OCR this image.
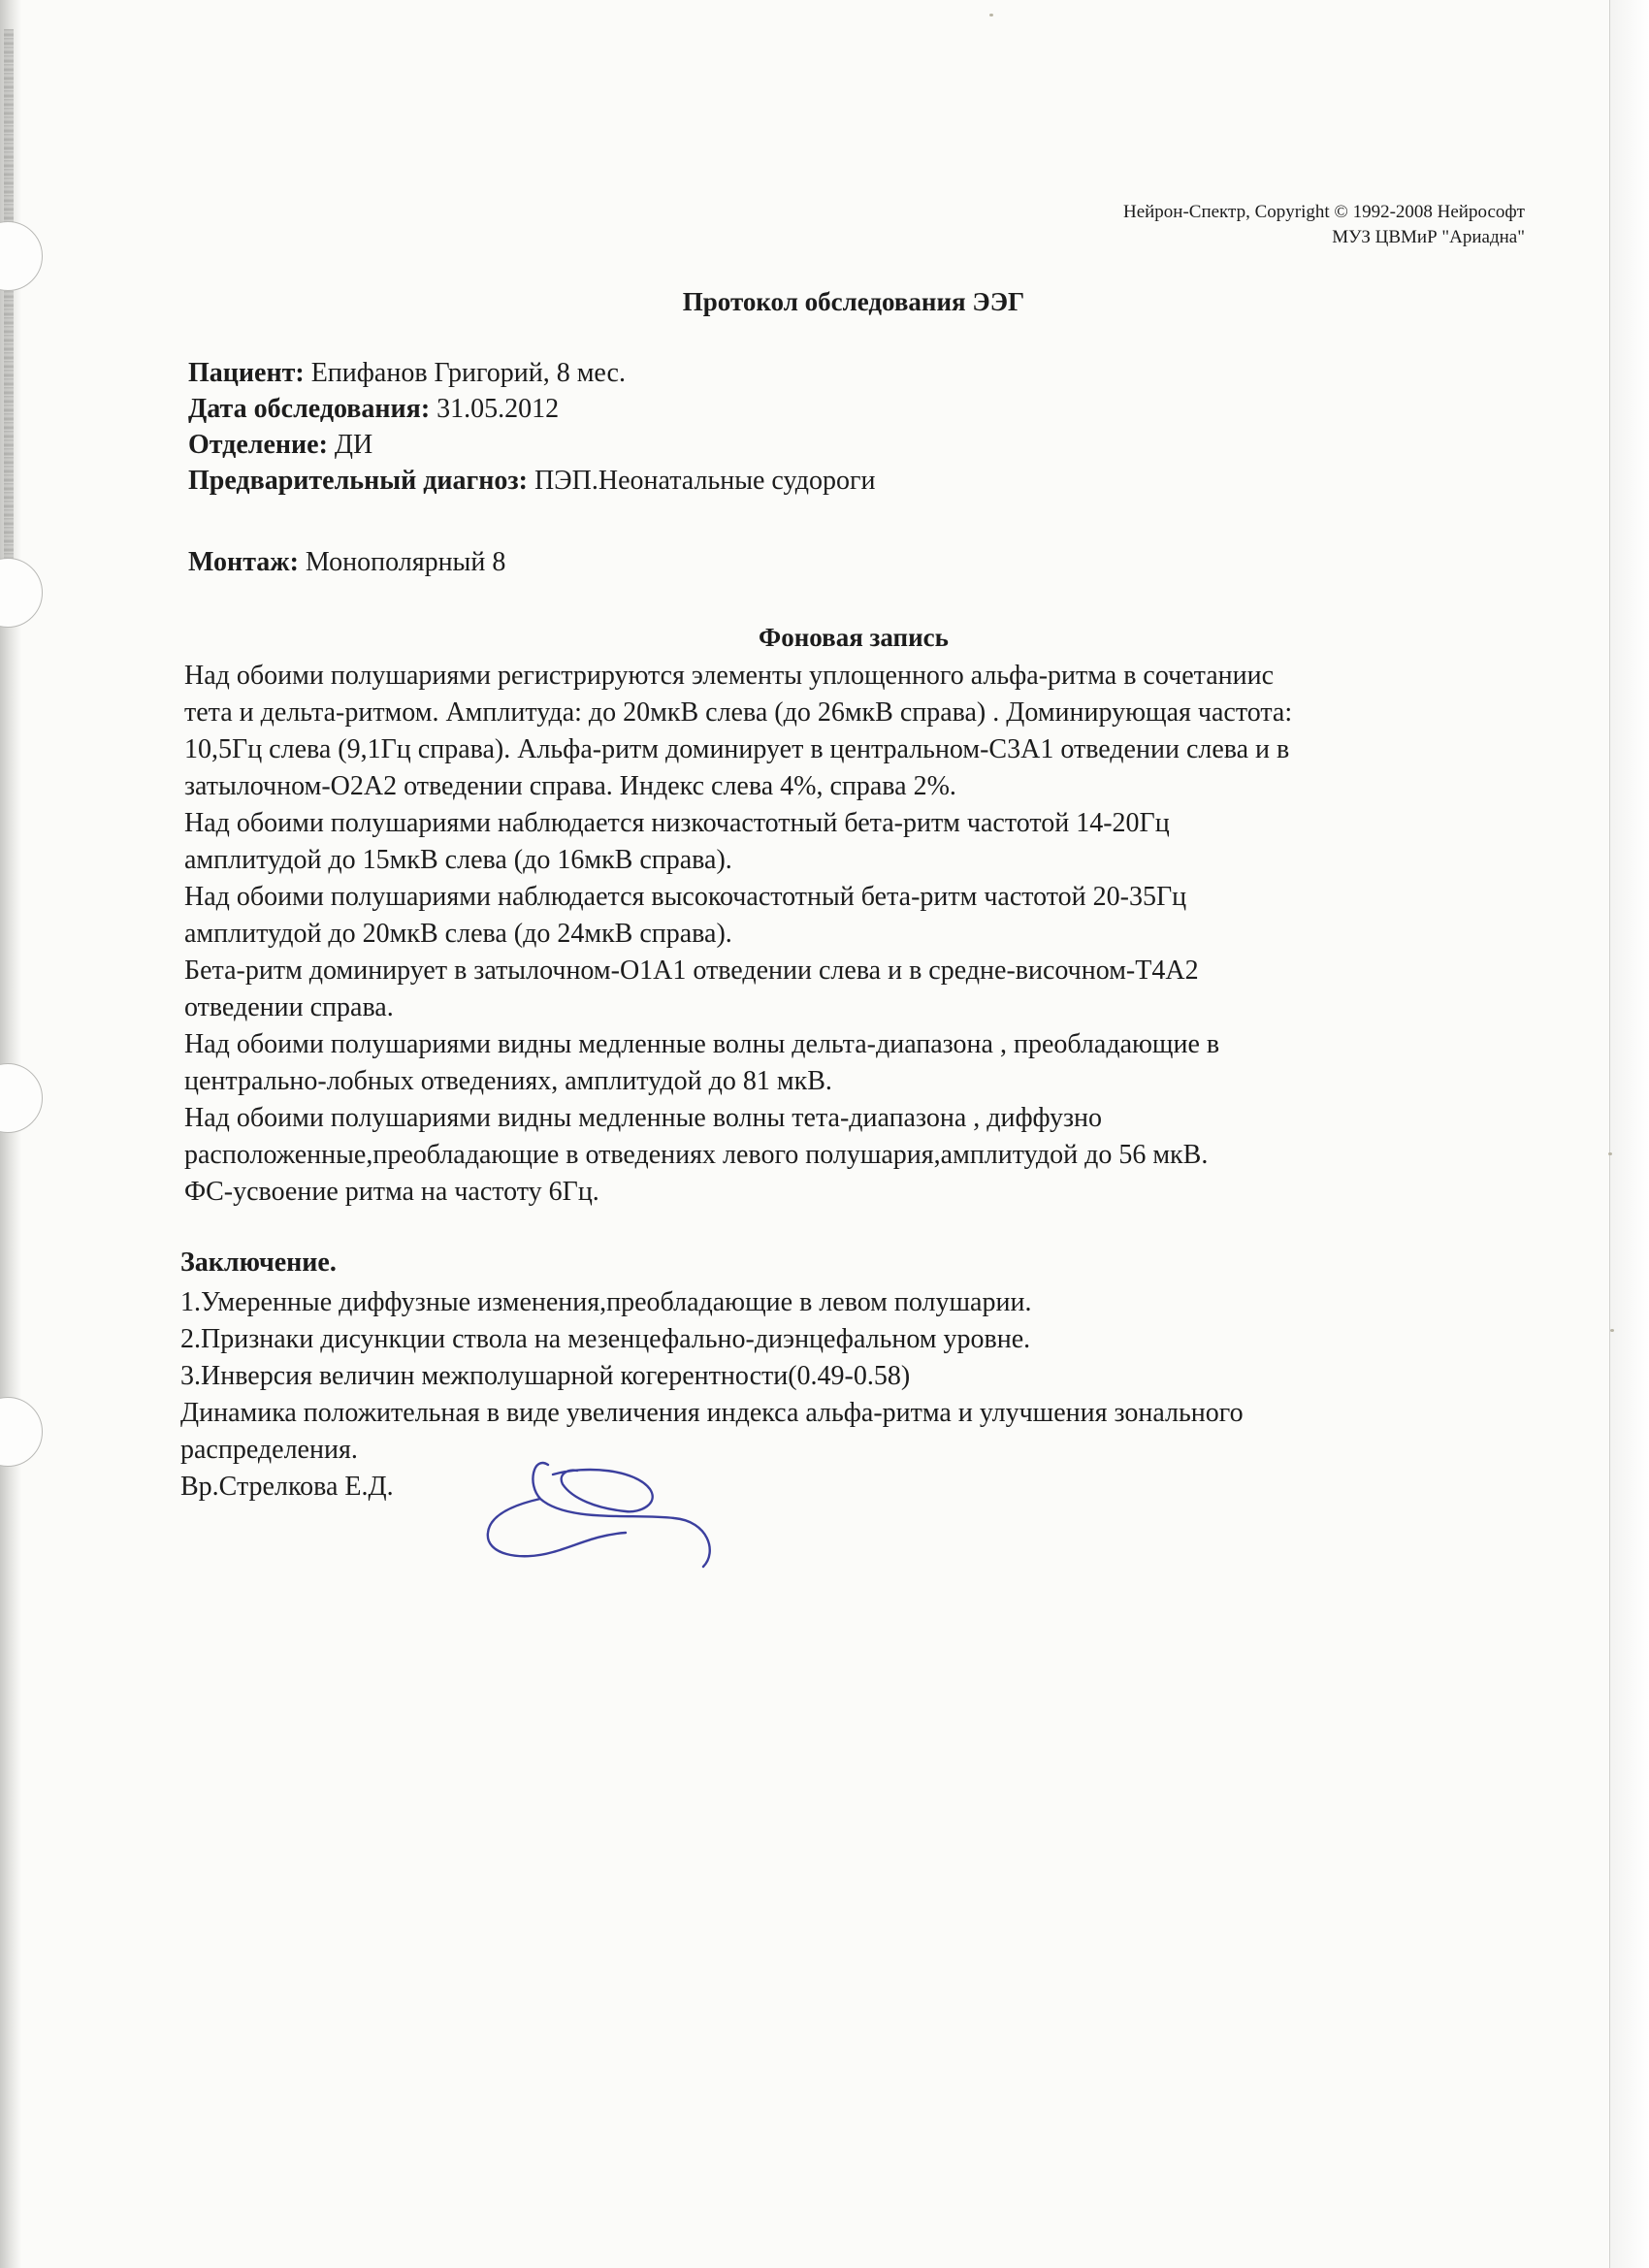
Нейрон-Спектр, Copyright © 1992-2008 Нейрософт
МУЗ ЦВМиР "Ариадна"
Протокол обследования ЭЭГ
Пациент: Епифанов Григорий, 8 мес.
Дата обследования: 31.05.2012
Отделение: ДИ
Предварительный диагноз: ПЭП.Неонатальные судороги
Монтаж: Монополярный 8
Фоновая запись
Над обоими полушариями регистрируются элементы уплощенного альфа-ритма в сочетаниис
тета и дельта-ритмом. Амплитуда: до 20мкВ слева (до 26мкВ справа) . Доминирующая частота:
10,5Гц слева (9,1Гц справа). Альфа-ритм доминирует в центральном-C3A1 отведении слева и в
затылочном-O2A2 отведении справа. Индекс слева 4%, справа 2%.
Над обоими полушариями наблюдается низкочастотный бета-ритм частотой 14-20Гц
амплитудой до 15мкВ слева (до 16мкВ справа).
Над обоими полушариями наблюдается высокочастотный бета-ритм частотой 20-35Гц
амплитудой до 20мкВ слева (до 24мкВ справа).
Бета-ритм доминирует в затылочном-O1A1 отведении слева и в средне-височном-T4A2
отведении справа.
Над обоими полушариями видны медленные волны дельта-диапазона , преобладающие в
центрально-лобных отведениях, амплитудой до 81 мкВ.
Над обоими полушариями видны медленные волны тета-диапазона , диффузно
расположенные,преобладающие в отведениях левого полушария,амплитудой до 56 мкВ.
ФС-усвоение ритма на частоту 6Гц.
Заключение.
1.Умеренные диффузные изменения,преобладающие в левом полушарии.
2.Признаки дисункции ствола на мезенцефально-диэнцефальном уровне.
3.Инверсия величин межполушарной когерентности(0.49-0.58)
Динамика положительная в виде увеличения индекса альфа-ритма и улучшения зонального
распределения.
Вр.Стрелкова Е.Д.
